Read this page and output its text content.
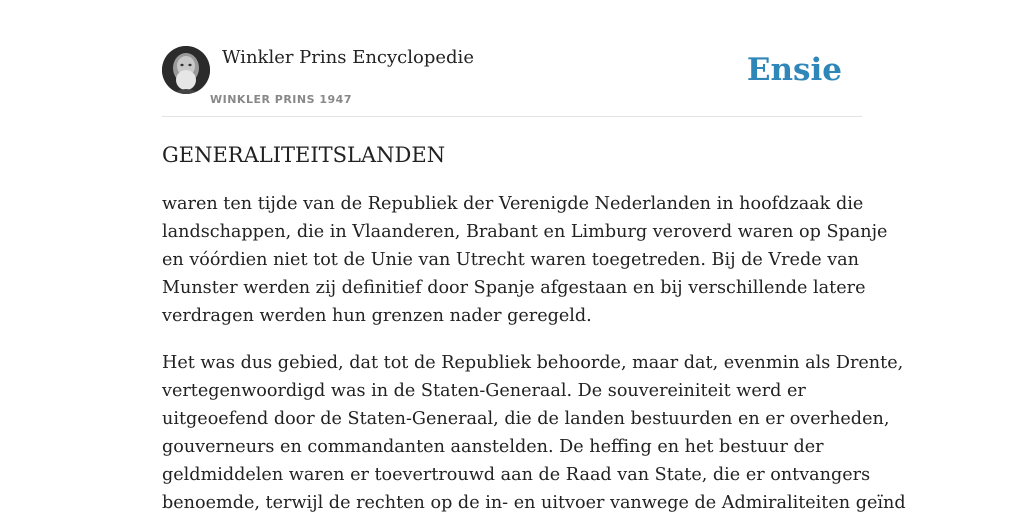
Winkler Prins Encyclopedie
WINKLER PRINS 1947
Ensie
GENERALITEITSLANDEN

waren ten tijde van de Republiek der Verenigde Nederlanden in hoofdzaak die
landschappen, die in Vlaanderen, Brabant en Limburg veroverd waren op Spanje
en vóórdien niet tot de Unie van Utrecht waren toegetreden. Bij de Vrede van
Munster werden zij definitief door Spanje afgestaan en bij verschillende latere
verdragen werden hun grenzen nader geregeld.

Het was dus gebied, dat tot de Republiek behoorde, maar dat, evenmin als Drente,
vertegenwoordigd was in de Staten-Generaal. De souvereiniteit werd er
uitgeoefend door de Staten-Generaal, die de landen bestuurden en er overheden,
gouverneurs en commandanten aanstelden. De heffing en het bestuur der
geldmiddelen waren er toevertrouwd aan de Raad van State, die er ontvangers
benoemde, terwijl de rechten op de in- en uitvoer vanwege de Admiraliteiten geïnd
